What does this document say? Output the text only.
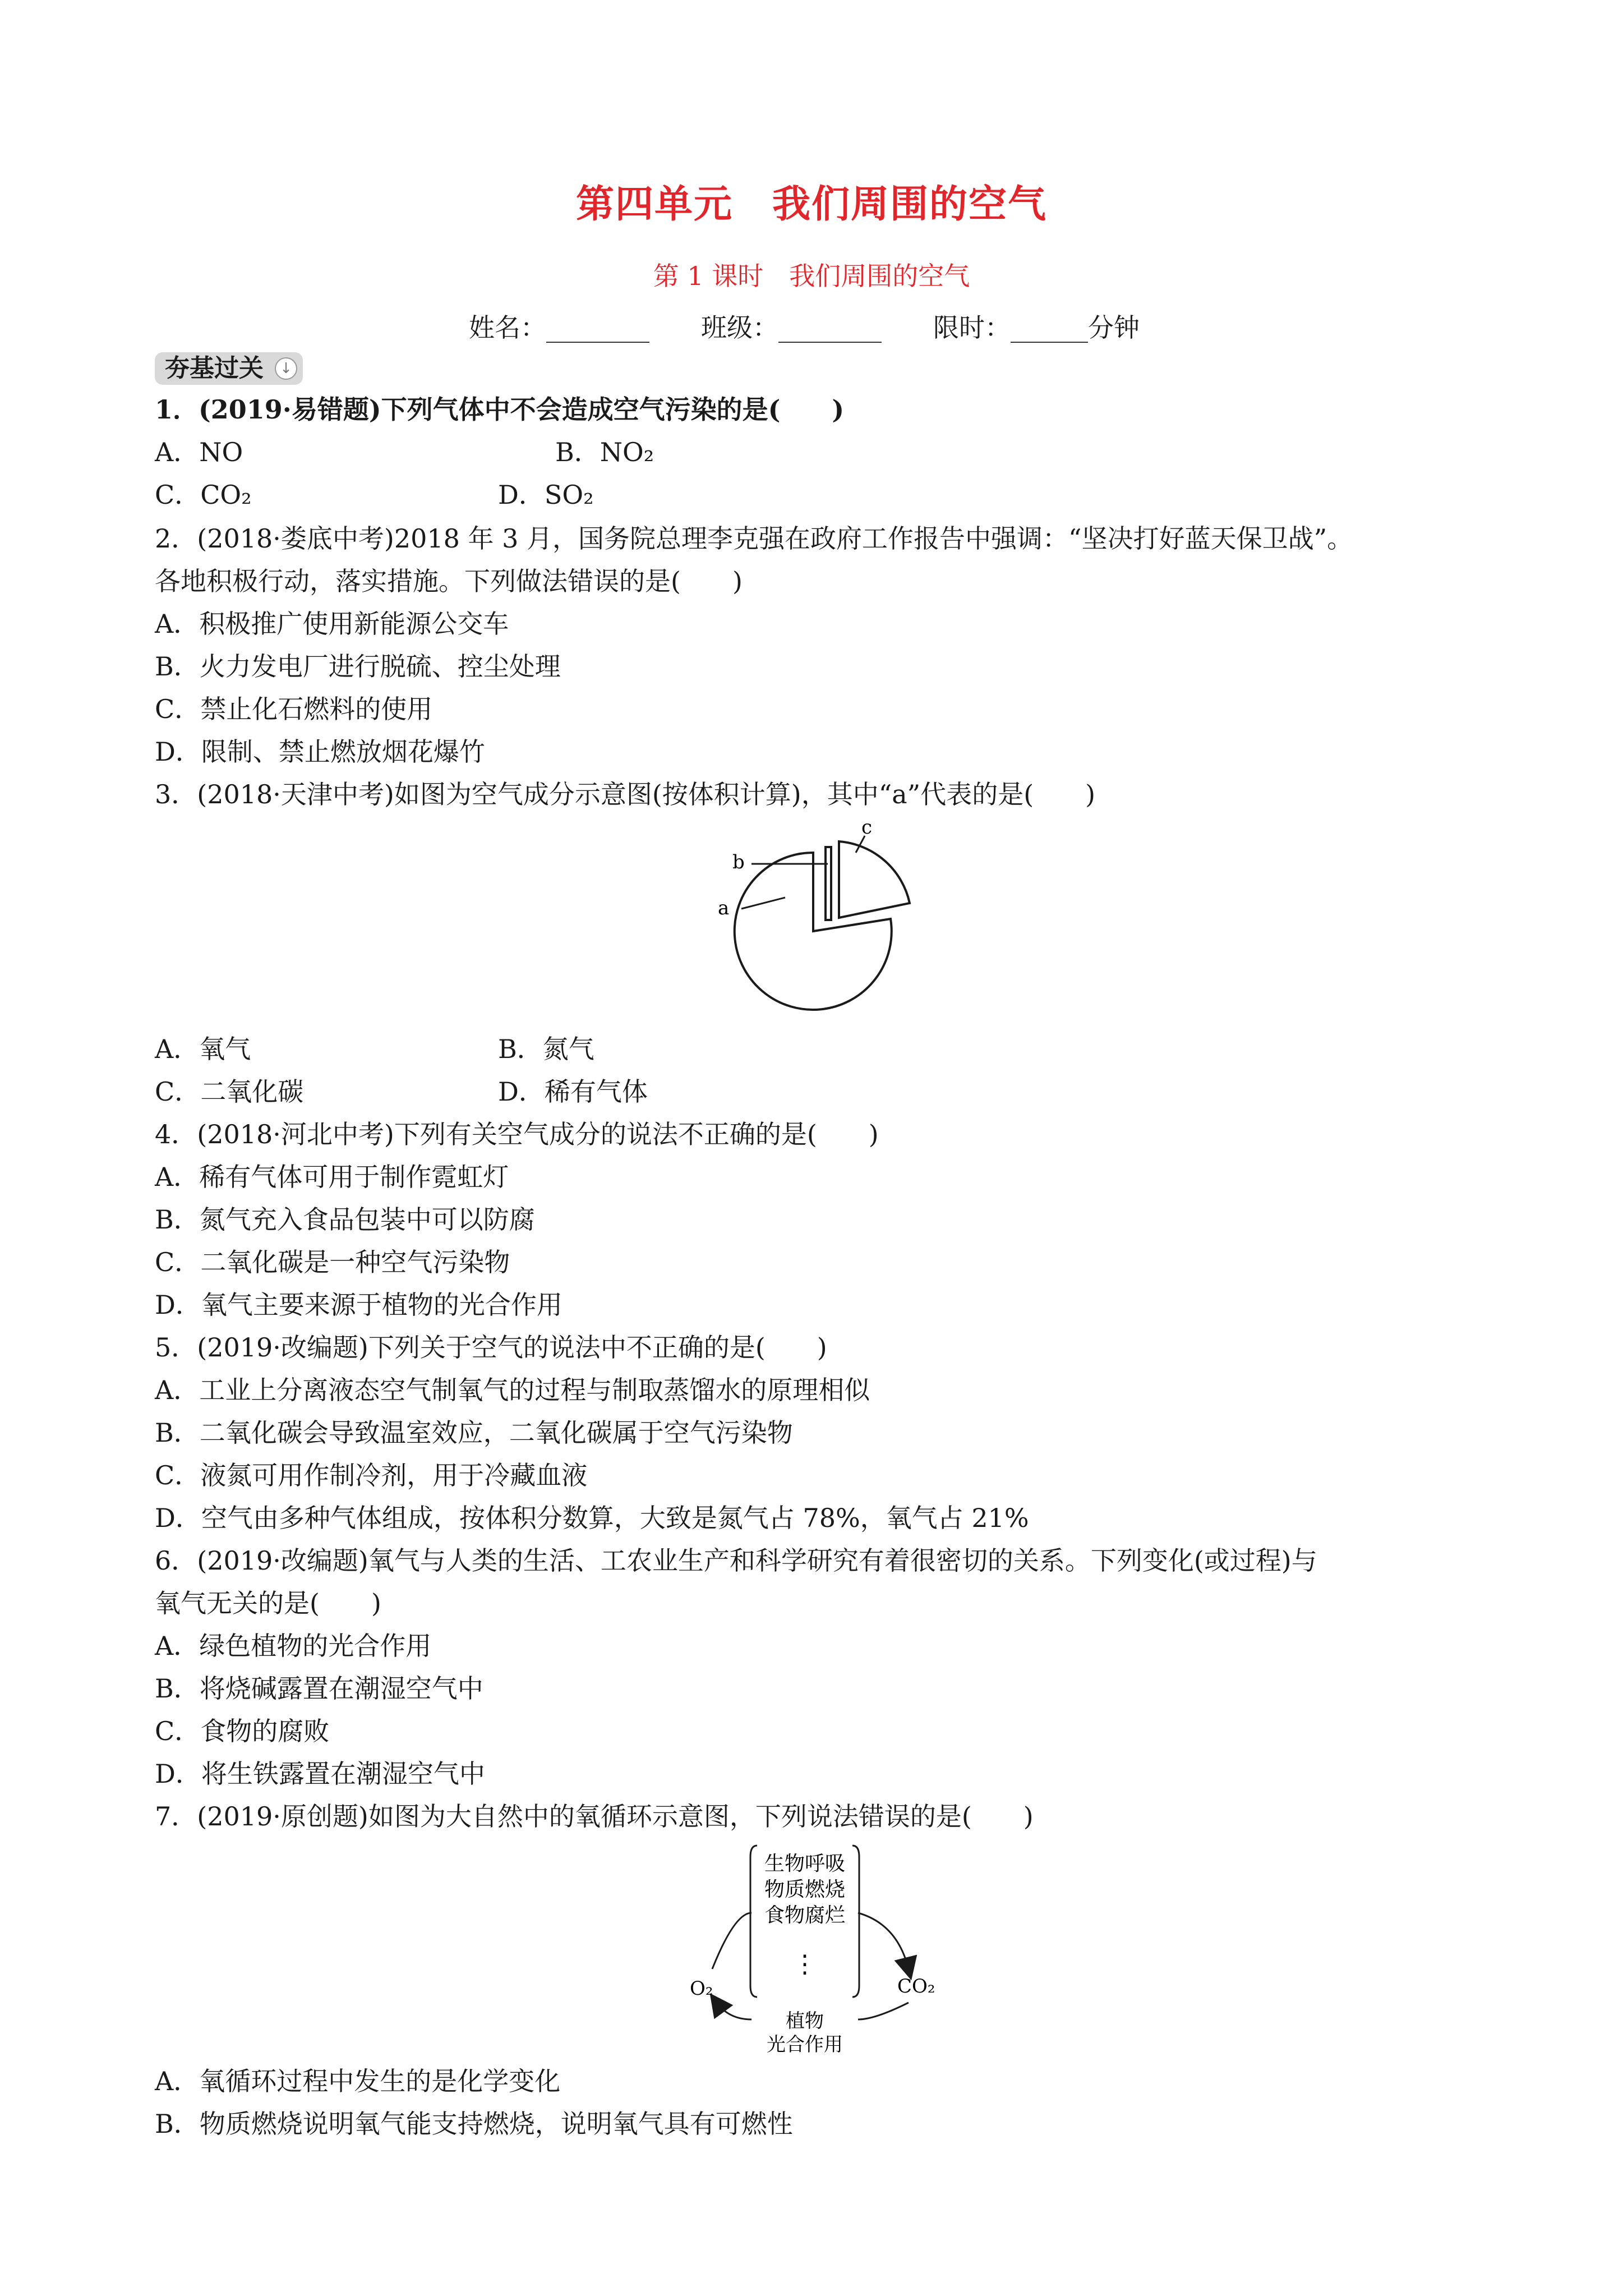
第四单元　我们周围的空气
第 1 课时　我们周围的空气
姓名：________　　 班级：________　　 限时：______分钟
夯基过关	↓
1．(2019·易错题)下列气体中不会造成空气污染的是(　　)
A．NO	B．NO₂
C．CO₂	D．SO₂
2．(2018·娄底中考)2018 年 3 月，国务院总理李克强在政府工作报告中强调：“坚决打好蓝天保卫战”。
各地积极行动，落实措施。下列做法错误的是(　　)
A．积极推广使用新能源公交车
B．火力发电厂进行脱硫、控尘处理
C．禁止化石燃料的使用
D．限制、禁止燃放烟花爆竹
3．(2018·天津中考)如图为空气成分示意图(按体积计算)，其中“a”代表的是(　　)
a
b
c
A．氧气	B．氮气
C．二氧化碳	D．稀有气体
4．(2018·河北中考)下列有关空气成分的说法不正确的是(　　)
A．稀有气体可用于制作霓虹灯
B．氮气充入食品包装中可以防腐
C．二氧化碳是一种空气污染物
D．氧气主要来源于植物的光合作用
5．(2019·改编题)下列关于空气的说法中不正确的是(　　)
A．工业上分离液态空气制氧气的过程与制取蒸馏水的原理相似
B．二氧化碳会导致温室效应，二氧化碳属于空气污染物
C．液氮可用作制冷剂，用于冷藏血液
D．空气由多种气体组成，按体积分数算，大致是氮气占 78%，氧气占 21%
6．(2019·改编题)氧气与人类的生活、工农业生产和科学研究有着很密切的关系。下列变化(或过程)与
氧气无关的是(　　)
A．绿色植物的光合作用
B．将烧碱露置在潮湿空气中
C．食物的腐败
D．将生铁露置在潮湿空气中
7．(2019·原创题)如图为大自然中的氧循环示意图，下列说法错误的是(　　)
生物呼吸
物质燃烧
食物腐烂
⋮
O₂	CO₂
植物
光合作用
A．氧循环过程中发生的是化学变化
B．物质燃烧说明氧气能支持燃烧，说明氧气具有可燃性
